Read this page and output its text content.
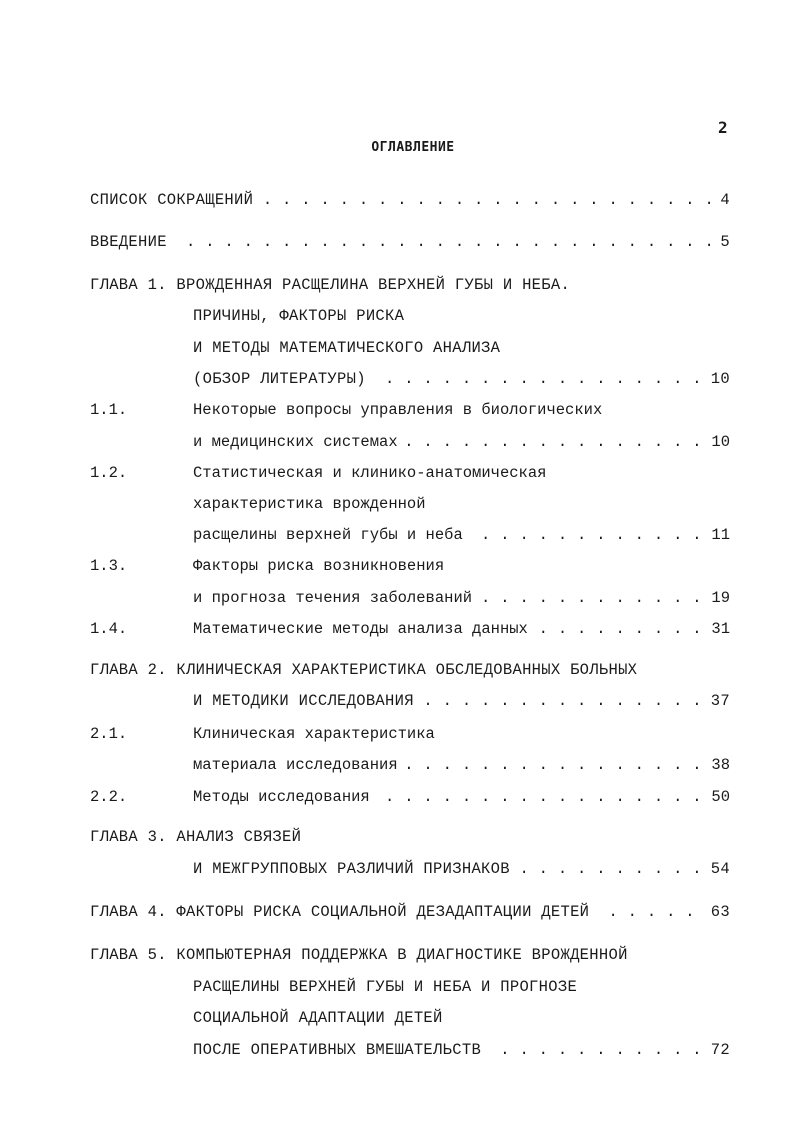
2
ОГЛАВЛЕНИЕ
. . .
СПИСОК СОКРАЩЕНИЙ	4
. . .
ВВЕДЕНИЕ	5
ГЛАВА 1. ВРОЖДЕННАЯ РАСЩЕЛИНА ВЕРХНЕЙ ГУБЫ И НЕБА.
ПРИЧИНЫ, ФАКТОРЫ РИСКА
И МЕТОДЫ МАТЕМАТИЧЕСКОГО АНАЛИЗА
. . .
(ОБЗОР ЛИТЕРАТУРЫ)	10
1.1.	Некоторые вопросы управления в биологических
. . .
и медицинских системах	10
1.2.	Статистическая и клинико-анатомическая
характеристика врожденной
. . .
расщелины верхней губы и неба	11
1.3.	Факторы риска возникновения
. . .
и прогноза течения заболеваний	19
1.4. . . .	Математические методы анализа данных	31
ГЛАВА 2. КЛИНИЧЕСКАЯ ХАРАКТЕРИСТИКА ОБСЛЕДОВАННЫХ БОЛЬНЫХ
. . .
И МЕТОДИКИ ИССЛЕДОВАНИЯ	37
2.1.	Клиническая характеристика
. . .
материала исследования	38
2.2. . . .	Методы исследования	50
ГЛАВА 3. АНАЛИЗ СВЯЗЕЙ
. . .
И МЕЖГРУППОВЫХ РАЗЛИЧИЙ ПРИЗНАКОВ	54
. . .
ГЛАВА 4. ФАКТОРЫ РИСКА СОЦИАЛЬНОЙ ДЕЗАДАПТАЦИИ ДЕТЕЙ	63
ГЛАВА 5. КОМПЬЮТЕРНАЯ ПОДДЕРЖКА В ДИАГНОСТИКЕ ВРОЖДЕННОЙ
РАСЩЕЛИНЫ ВЕРХНЕЙ ГУБЫ И НЕБА И ПРОГНОЗЕ
СОЦИАЛЬНОЙ АДАПТАЦИИ ДЕТЕЙ
. . .
ПОСЛЕ ОПЕРАТИВНЫХ ВМЕШАТЕЛЬСТВ	72
